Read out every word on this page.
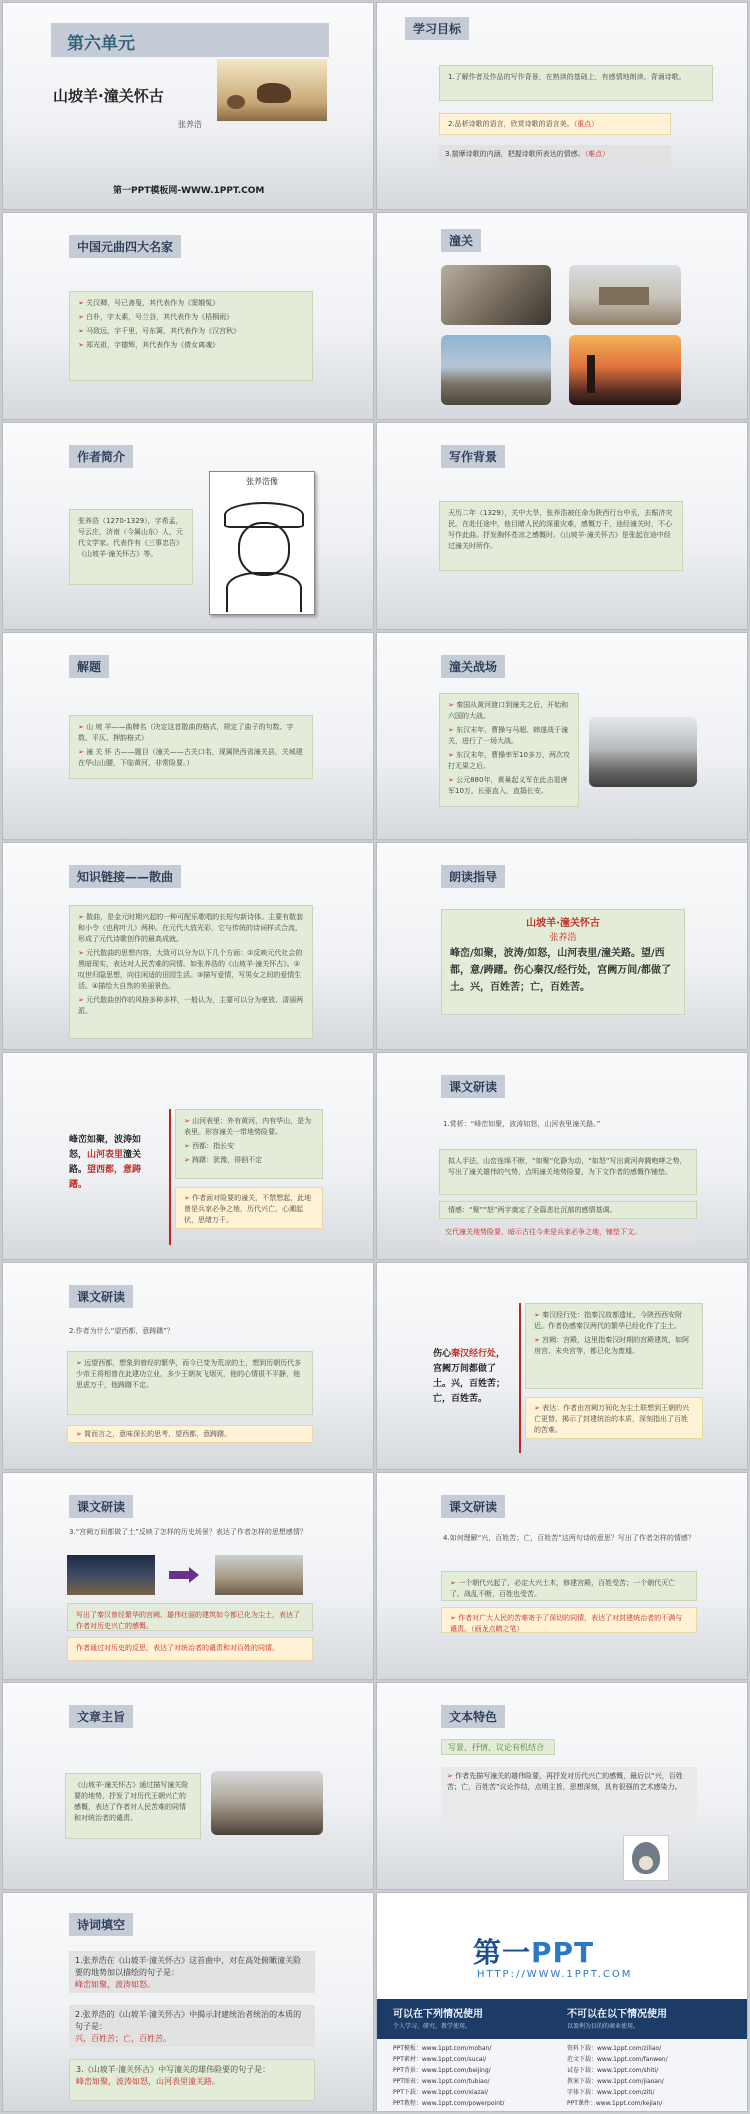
第六单元
山坡羊·潼关怀古
张养浩
第一PPT模板网-WWW.1PPT.COM
学习目标
1.了解作者及作品的写作背景，在熟读的基础上，有感情地朗读、背诵诗歌。
2.品析诗歌的语言，欣赏诗歌的语言美。（重点）
3.揣摩诗歌的内涵，把握诗歌所表达的情感。（难点）
中国元曲四大名家
➢ 关汉卿，号已斋叟，其代表作为《窦娥冤》
➢ 白朴，字太素，号兰谷，其代表作为《梧桐雨》
➢ 马致远，字千里，号东篱，其代表作为《汉宫秋》
➢ 郑光祖，字德辉，其代表作为《倩女离魂》
潼关
作者简介
张养浩（1270-1329），字希孟，号云庄，济南（今属山东）人，元代文学家。代表作有《三事忠告》《山坡羊·潼关怀古》等。
张养浩像
写作背景
天历二年（1329），关中大旱，张养浩被任命为陕西行台中丞，去赈济灾民。在赴任途中，他目睹人民的深重灾难，感慨万千，途经潼关时，不心写作此曲。抒发胸怀苍凉之感慨时。《山坡羊·潼关怀古》是张起在途中经过潼关时所作。
解题
➢ 山 坡 羊——曲牌名（决定这首散曲的格式，规定了曲子的句数、字数、平仄、押韵格式）
➢ 潼 关 怀 古——题目（潼关——古关口名，现属陕西省潼关县，关城建在华山山腰，下临黄河，非常险要。）
潼关战场
➢ 秦国从黄河渡口到潼关之后，开始和六国的大战。
➢ 东汉末年，曹操与马超、韩遂战于潼关，进行了一场大战。
➢ 东汉末年，曹操率军10多万，两次攻打无果之后。
➢ 公元880年，黄巢起义军在此击退唐军10万，长驱直入，直捣长安。
知识链接——散曲
➢ 散曲，是金元时期兴起的一种可配乐歌唱的长短句新诗体。主要有散套和小令（也称叶儿）两种。在元代大放光彩，它与传统的诗词样式合流，形成了元代诗歌创作的最高成就。
➢ 元代散曲的思想内容，大致可以分为以下几个方面：①反映元代社会的黑暗现实，表达对人民苦难的同情。如张养浩的《山坡羊·潼关怀古》。②叹世归隐思想，向往闲适的田园生活。③描写爱情，写男女之间的爱情生活。④描绘大自然的美丽景色。
➢ 元代散曲创作的风格多种多样，一般认为，主要可以分为豪放、清丽两派。
朗读指导
山坡羊·潼关怀古
张养浩
峰峦/如聚，波涛/如怒，山河表里/潼关路。望/西都，意/踌躇。伤心秦汉/经行处，宫阙万间/都做了土。兴，百姓苦；亡，百姓苦。
峰峦如聚，波涛如怒，山河表里潼关路。望西都，意踌躇。
➢ 山河表里：外有黄河，内有华山，是为表里。形容潼关一带地势险要。
➢ 西都：指长安
➢ 踌躇：犹豫，徘徊不定
➢ 作者面对险要的潼关，不禁想起，此地曾是兵家必争之地，历代兴亡，心潮起伏，思绪万千。
课文研读
1.赏析：“峰峦如聚，波涛如怒，山河表里潼关路。”
拟人手法，山峦连绵不断，“如聚”化静为动，“如怒”写出黄河奔腾咆哮之势，写出了潼关雄伟的气势，点明潼关地势险要，为下文作者的感慨作铺垫。
情感：“聚”“怒”两字奠定了全篇悲壮沉郁的感情基调。
交代潼关地势险要，暗示古往今来是兵家必争之地，铺垫下文。
课文研读
2.作者为什么“望西都，意踌躇”？
➢ 远望西都，想象到曾经的繁华，而今已变为荒凉的土，想到历朝历代多少帝王将相曾在此建功立业，多少王朝灰飞烟灭，他的心情很不平静，他思虑万千，他踌躇不定。
➢ 简而言之，意味深长的思考，望西都，意踌躇。
伤心秦汉经行处，宫阙万间都做了土。兴，百姓苦；亡，百姓苦。
➢ 秦汉经行处：指秦汉故都遗址，今陕西西安附近。作者伤感秦汉两代的繁华已经化作了尘土。
➢ 宫阙：宫殿，这里指秦汉时期的宫殿建筑，如阿房宫、未央宫等，都已化为废墟。
➢ 表达：作者由宫阙万间化为尘土联想到王朝的兴亡更替，揭示了封建统治的本质，深刻指出了百姓的苦难。
课文研读
3.“宫阙万间都做了土”反映了怎样的历史场景？表达了作者怎样的思想感情？
写出了秦汉曾经繁华的宫阙、雄伟壮丽的建筑如今都已化为尘土，表达了作者对历史兴亡的感慨。
作者通过对历史的反思，表达了对统治者的谴责和对百姓的同情。
课文研读
4.如何理解“兴，百姓苦；亡，百姓苦”这两句诗的意思？写出了作者怎样的情感？
➢ 一个朝代兴起了，必定大兴土木，修建宫殿，百姓受苦；一个朝代灭亡了，战乱不断，百姓也受苦。
➢ 作者对广大人民的苦难寄予了深切的同情，表达了对封建统治者的不满与谴责。（画龙点睛之笔）
文章主旨
《山坡羊·潼关怀古》通过描写潼关险要的地势，抒发了对历代王朝兴亡的感慨，表达了作者对人民苦难的同情和对统治者的谴责。
文本特色
写景、抒情、议论有机结合
➢ 作者先描写潼关的雄伟险要，再抒发对历代兴亡的感慨，最后以“兴，百姓苦；亡，百姓苦”议论作结，点明主旨，思想深刻，具有很强的艺术感染力。
诗词填空
1.张养浩在《山坡羊·潼关怀古》这首曲中，对在高处俯瞰潼关险要的地势加以描绘的句子是：
峰峦如聚，波涛如怒。
2.张养浩的《山坡羊·潼关怀古》中揭示封建统治者统治的本质的句子是：
兴，百姓苦；亡，百姓苦。
3.《山坡羊·潼关怀古》中写潼关的雄伟险要的句子是：
峰峦如聚，波涛如怒，山河表里潼关路。
第一PPT
HTTP://WWW.1PPT.COM
可以在下列情况使用	不可以在以下情况使用
个人学习、研究、教学使用。	以盈利为目的的商业使用。
PPT模板：www.1ppt.com/moban/
PPT素材：www.1ppt.com/sucai/
PPT背景：www.1ppt.com/beijing/
PPT图表：www.1ppt.com/tubiao/
PPT下载：www.1ppt.com/xiazai/
PPT教程：www.1ppt.com/powerpoint/
资料下载：www.1ppt.com/ziliao/
范文下载：www.1ppt.com/fanwen/
试卷下载：www.1ppt.com/shiti/
教案下载：www.1ppt.com/jiaoan/
字体下载：www.1ppt.com/ziti/
PPT课件：www.1ppt.com/kejian/
